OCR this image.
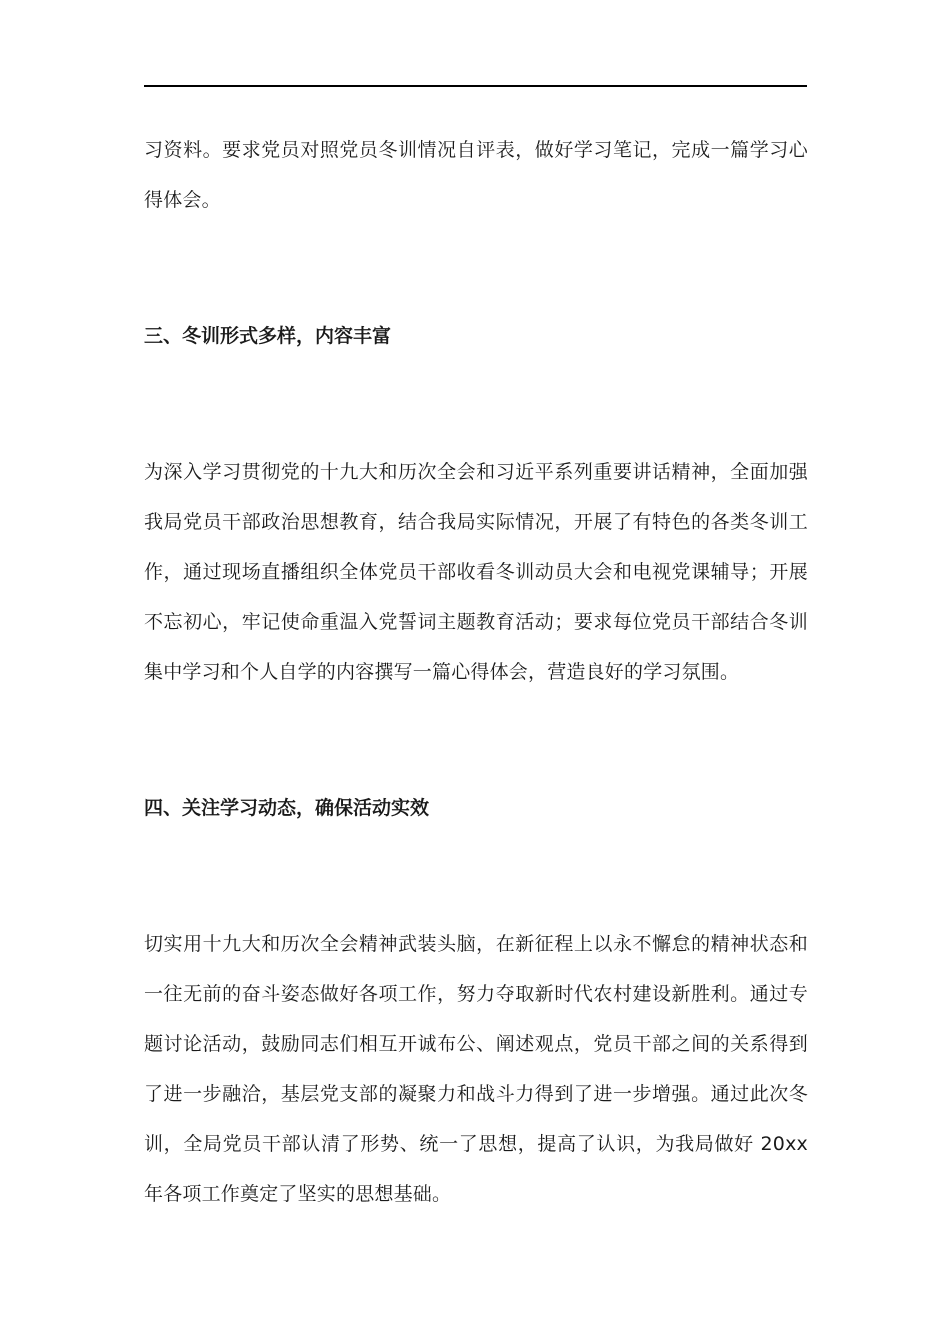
习资料。要求党员对照党员冬训情况自评表，做好学习笔记，完成一篇学习心得体会。

三、冬训形式多样，内容丰富

为深入学习贯彻党的十九大和历次全会和习近平系列重要讲话精神，全面加强我局党员干部政治思想教育，结合我局实际情况，开展了有特色的各类冬训工作，通过现场直播组织全体党员干部收看冬训动员大会和电视党课辅导；开展不忘初心，牢记使命重温入党誓词主题教育活动；要求每位党员干部结合冬训集中学习和个人自学的内容撰写一篇心得体会，营造良好的学习氛围。

四、关注学习动态，确保活动实效

切实用十九大和历次全会精神武装头脑，在新征程上以永不懈怠的精神状态和一往无前的奋斗姿态做好各项工作，努力夺取新时代农村建设新胜利。通过专题讨论活动，鼓励同志们相互开诚布公、阐述观点，党员干部之间的关系得到了进一步融洽，基层党支部的凝聚力和战斗力得到了进一步增强。通过此次冬训，全局党员干部认清了形势、统一了思想，提高了认识，为我局做好 20xx 年各项工作奠定了坚实的思想基础。
